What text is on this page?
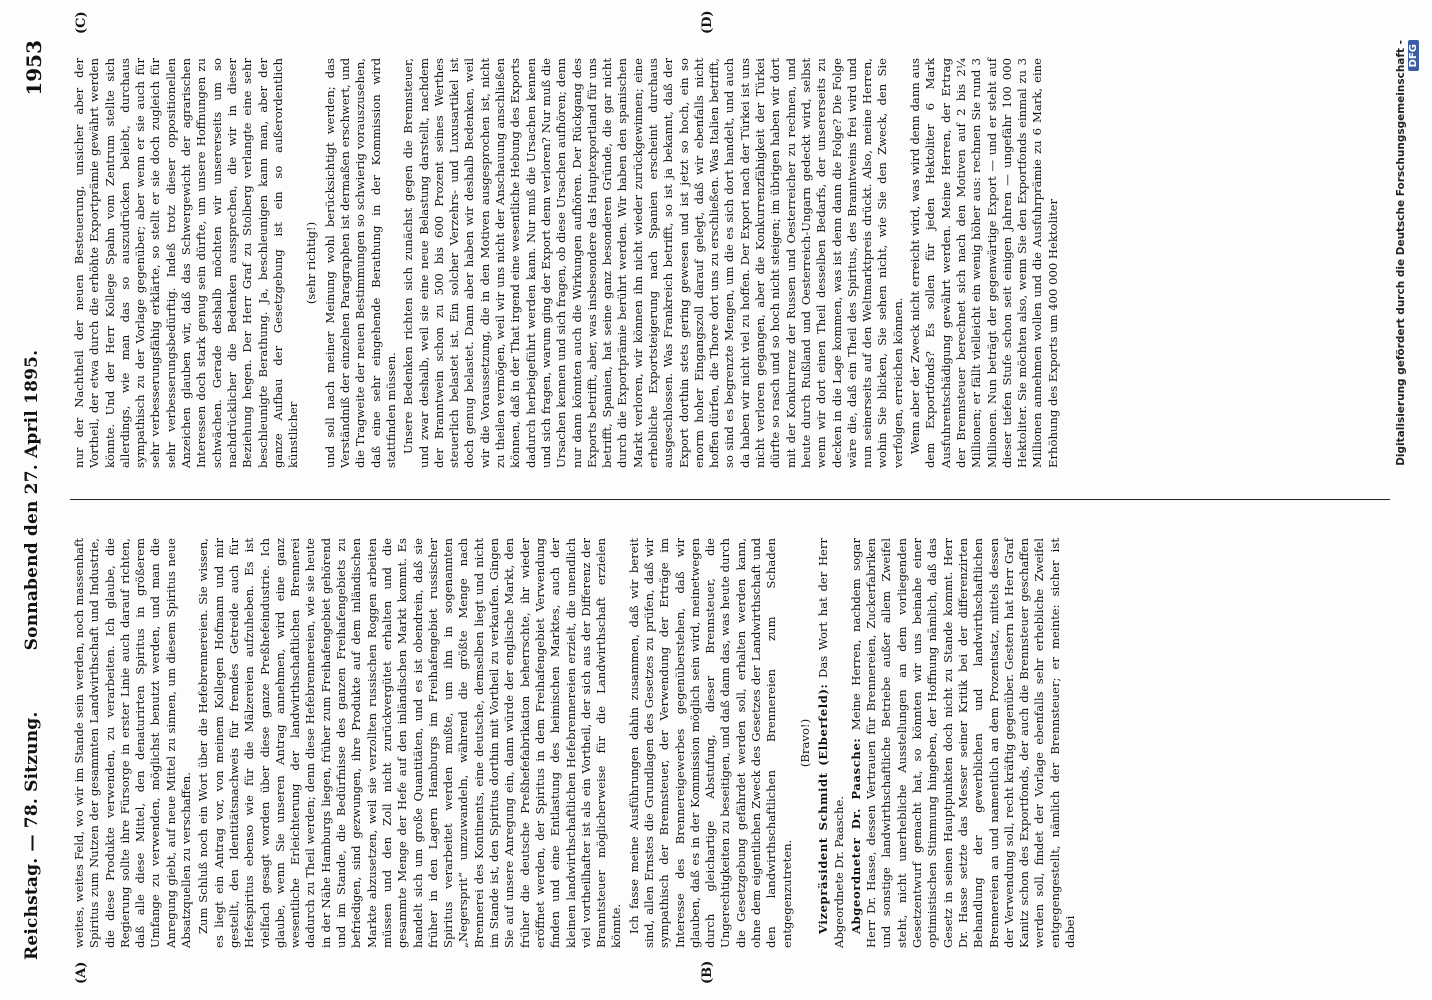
Reichstag. — 78. Sitzung.
Sonnabend den 27. April 1895.
1953
(A)	(B)
(C)	(D)

weites, weites Feld, wo wir im Stande sein werden, noch massenhaft Spiritus zum Nutzen der gesammten Landwirthschaft und Industrie, die diese Produkte verwenden, zu verarbeiten. Ich glaube, die Regierung sollte ihre Fürsorge in erster Linie auch darauf richten, daß alle diese Mittel, den denaturirten Spiritus in größerem Umfange zu verwenden, möglichst benutzt werden, und man die Anregung giebt, auf neue Mittel zu sinnen, um diesem Spiritus neue Absatzquellen zu verschaffen. Zum Schluß noch ein Wort über die Hefebrennereien. Sie wissen, es liegt ein Antrag vor, von meinem Kollegen Hofmann und mir gestellt, den Identitätsnachweis für fremdes Getreide auch für Hefespiritus ebenso wie für die Mälzereien aufzuheben. Es ist vielfach gesagt worden über diese ganze Preßhefeindustrie. Ich glaube, wenn Sie unseren Antrag annehmen, wird eine ganz wesentliche Erleichterung der landwirthschaftlichen Brennerei dadurch zu Theil werden; denn diese Hefebrennereien, wie sie heute in der Nähe Hamburgs liegen, früher zum Freihafengebiet gehörend und im Stande, die Bedürfnisse des ganzen Freihafengebiets zu befriedigen, sind gezwungen, ihre Produkte auf dem inländischen Markte abzusetzen, weil sie verzollten russischen Roggen arbeiten müssen und den Zoll nicht zurückvergütet erhalten und die gesammte Menge der Hefe auf den inländischen Markt kommt. Es handelt sich um große Quantitäten, und es ist obendrein, daß sie früher in den Lagern Hamburgs im Freihafengebiet russischer Spiritus verarbeitet werden mußte, um ihn in sogenannten „Negersprit“ umzuwandeln, während die größte Menge nach Brennerei des Kontinents, eine deutsche, demselben liegt und nicht im Stande ist, den Spiritus dorthin mit Vortheil zu verkaufen. Gingen Sie auf unsere Anregung ein, dann würde der englische Markt, den früher die deutsche Preßhefefabrikation beherrschte, ihr wieder eröffnet werden, der Spiritus in dem Freihafengebiet Verwendung finden und eine Entlastung des heimischen Marktes, auch der kleinen landwirthschaftlichen Hefebrennereien erzielt, die unendlich viel vortheilhafter ist als ein Vortheil, der sich aus der Differenz der Branntsteuer möglicherweise für die Landwirthschaft erzielen könnte. Ich fasse meine Ausführungen dahin zusammen, daß wir bereit sind, allen Ernstes die Grundlagen des Gesetzes zu prüfen, daß wir sympathisch der Brennsteuer, der Verwendung der Erträge im Interesse des Brennereigewerbes gegenüberstehen, daß wir glauben, daß es in der Kommission möglich sein wird, meinetwegen durch gleichartige Abstufung, dieser Brennsteuer, die Ungerechtigkeiten zu beseitigen, und daß dann das, was heute durch die Gesetzgebung gefährdet werden soll, erhalten werden kann, ohne dem eigentlichen Zweck des Gesetzes der Landwirthschaft und den landwirthschaftlichen Brennereien zum Schaden entgegenzutreten.

(Bravo!) Vizepräsident Schmidt (Elberfeld): Das Wort hat der Herr Abgeordnete Dr. Paasche. Abgeordneter Dr. Paasche: Meine Herren, nachdem sogar Herr Dr. Hasse, dessen Vertrauen für Brennereien, Zuckerfabriken und sonstige landwirthschaftliche Betriebe außer allem Zweifel steht, nicht unerhebliche Ausstellungen an dem vorliegenden Gesetzentwurf gemacht hat, so könnten wir uns beinahe einer optimistischen Stimmung hingeben, der Hoffnung nämlich, daß das Gesetz in seinen Hauptpunkten doch nicht zu Stande kommt. Herr Dr. Hasse setzte das Messer seiner Kritik bei der differenzirten Behandlung der gewerblichen und landwirthschaftlichen Brennereien an und namentlich an dem Prozentsatz, mittels dessen der Verwendung soll, recht kräftig gegenüber. Gestern hat Herr Graf Kanitz schon des Exportfonds, der auch die Brennsteuer geschaffen werden soll, findet der Vorlage ebenfalls sehr erhebliche Zweifel entgegengestellt, nämlich der Brennsteuer; er meinte: sicher ist dabei

nur der Nachtheil der neuen Besteuerung, unsicher aber der Vortheil, der etwa durch die erhöhte Exportprämie gewährt werden könnte. Und der Herr Kollege Spahn vom Zentrum stellte sich allerdings, wie man das so auszudrücken beliebt, durchaus sympathisch zu der Vorlage gegenüber; aber wenn er sie auch für sehr verbesserungsfähig erklärte, so stellt er sie doch zugleich für sehr verbesserungsbedürftig. Indeß trotz dieser oppositionellen Anzeichen glauben wir, daß das Schwergewicht der agrarischen Interessen doch stark genug sein dürfte, um unsere Hoffnungen zu schwächen. Gerade deshalb möchten wir unsererseits um so nachdrücklicher die Bedenken aussprechen, die wir in dieser Beziehung hegen. Der Herr Graf zu Stolberg verlangte eine sehr beschleunigte Berathung. Ja, beschleunigen kann man, aber der ganze Aufbau der Gesetzgebung ist ein so außerordentlich künstlicher

(sehr richtig!) und soll nach meiner Meinung wohl berücksichtigt werden; das Verständniß der einzelnen Paragraphen ist dermaßen erschwert, und die Tragweite der neuen Bestimmungen so schwierig vorauszusehen, daß eine sehr eingehende Berathung in der Kommission wird stattfinden müssen. Unsere Bedenken richten sich zunächst gegen die Brennsteuer, und zwar deshalb, weil sie eine neue Belastung darstellt, nachdem der Branntwein schon zu 500 bis 600 Prozent seines Werthes steuerlich belastet ist. Ein solcher Verzehrs- und Luxusartikel ist doch genug belastet. Dann aber haben wir deshalb Bedenken, weil wir die Voraussetzung, die in den Motiven ausgesprochen ist, nicht zu theilen vermögen, weil wir uns nicht der Anschauung anschließen können, daß in der That irgend eine wesentliche Hebung des Exports dadurch herbeigeführt werden kann. Nur muß die Ursachen kennen und sich fragen, warum ging der Export denn verloren? Nur muß die Ursachen kennen und sich fragen, ob diese Ursachen aufhören; denn nur dann könnten auch die Wirkungen aufhören. Der Rückgang des Exports betrifft, aber, was insbesondere das Hauptexportland für uns betrifft, Spanien, hat seine ganz besonderen Gründe, die gar nicht durch die Exportprämie berührt werden. Wir haben den spanischen Markt verloren, wir können ihn nicht wieder zurückgewinnen; eine erhebliche Exportsteigerung nach Spanien erscheint durchaus ausgeschlossen. Was Frankreich betrifft, so ist ja bekannt, daß der Export dorthin stets gering gewesen und ist jetzt so hoch, ein so enorm hoher Eingangszoll darauf gelegt, daß wir ebenfalls nicht hoffen dürfen, die Thore dort uns zu erschließen. Was Italien betrifft, so sind es begrenzte Mengen, um die es sich dort handelt, und auch da haben wir nicht viel zu hoffen. Der Export nach der Türkei ist uns nicht verloren gegangen, aber die Konkurrenzfähigkeit der Türkei dürfte so rasch und so hoch nicht steigen; im übrigen haben wir dort mit der Konkurrenz der Russen und Oesterreicher zu rechnen, und heute durch Rußland und Oesterreich-Ungarn gedeckt wird, selbst wenn wir dort einen Theil desselben Bedarfs, der unsererseits zu decken in die Lage kommen, was ist denn dann die Folge? Die Folge wäre die, daß ein Theil des Spiritus, des Branntweins frei wird und nun seinerseits auf den Weltmarktpreis drückt. Also, meine Herren, wohin Sie blicken, Sie sehen nicht, wie Sie den Zweck, den Sie verfolgen, erreichen können. Wenn aber der Zweck nicht erreicht wird, was wird denn dann aus dem Exportfonds? Es sollen für jeden Hektoliter 6 Mark Ausfuhrentschädigung gewährt werden. Meine Herren, der Ertrag der Brennsteuer berechnet sich nach den Motiven auf 2 bis 2¼ Millionen; er fällt vielleicht ein wenig höher aus: rechnen Sie rund 3 Millionen. Nun beträgt der gegenwärtige Export — und er steht auf dieser tiefen Stufe schon seit einigen Jahren — ungefähr 100 000 Hektoliter. Sie möchten also, wenn Sie den Exportfonds einmal zu 3 Millionen annehmen wollen und die Ausfuhrprämie zu 6 Mark, eine Erhöhung des Exports um 400 000 Hektoliter	Digitalisierung gefördert durch die Deutsche Forschungsgemeinschaft -DFG
